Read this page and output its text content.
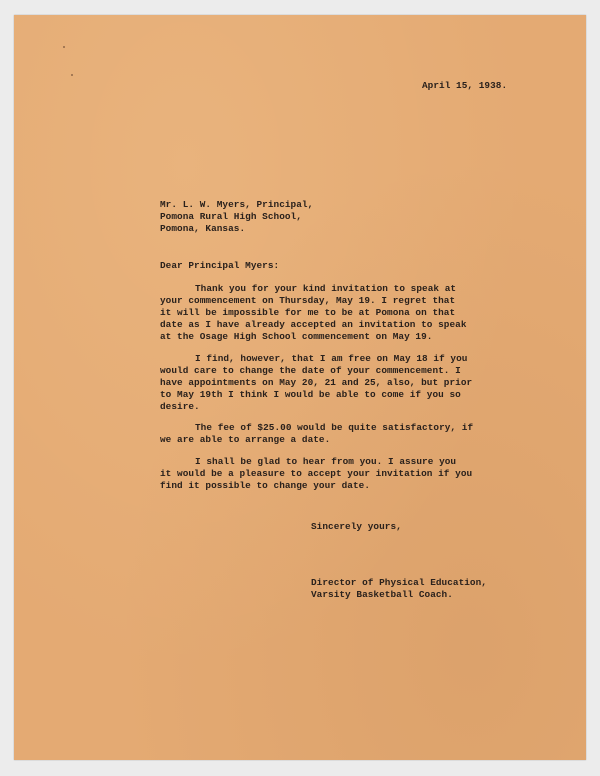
April 15, 1938.
Mr. L. W. Myers, Principal,
Pomona Rural High School,
Pomona, Kansas.
Dear Principal Myers:
Thank you for your kind invitation to speak at
your commencement on Thursday, May 19. I regret that
it will be impossible for me to be at Pomona on that
date as I have already accepted an invitation to speak
at the Osage High School commencement on May 19.
I find, however, that I am free on May 18 if you
would care to change the date of your commencement. I
have appointments on May 20, 21 and 25, also, but prior
to May 19th I think I would be able to come if you so
desire.
The fee of $25.00 would be quite satisfactory, if
we are able to arrange a date.
I shall be glad to hear from you. I assure you
it would be a pleasure to accept your invitation if you
find it possible to change your date.
Sincerely yours,
Director of Physical Education,
Varsity Basketball Coach.
